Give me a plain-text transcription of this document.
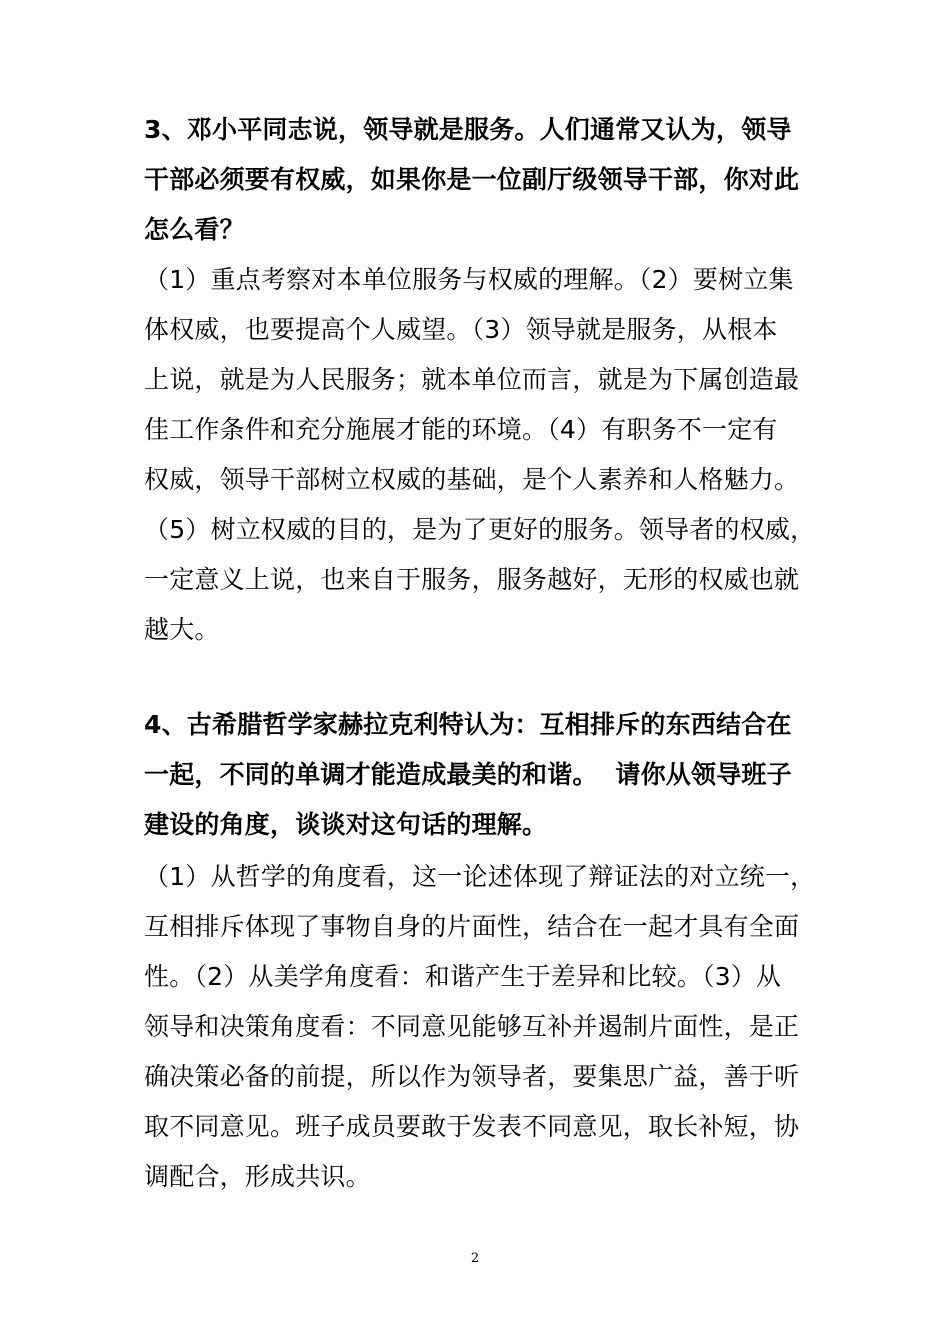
3、邓小平同志说，领导就是服务。人们通常又认为，领导
干部必须要有权威，如果你是一位副厅级领导干部，你对此
怎么看？
（1）重点考察对本单位服务与权威的理解。（2）要树立集
体权威，也要提高个人威望。（3）领导就是服务，从根本
上说，就是为人民服务；就本单位而言，就是为下属创造最
佳工作条件和充分施展才能的环境。（4）有职务不一定有
权威，领导干部树立权威的基础，是个人素养和人格魅力。
（5）树立权威的目的，是为了更好的服务。领导者的权威，
一定意义上说，也来自于服务，服务越好，无形的权威也就
越大。
4、古希腊哲学家赫拉克利特认为：互相排斥的东西结合在
一起，不同的单调才能造成最美的和谐。  请你从领导班子
建设的角度，谈谈对这句话的理解。
（1）从哲学的角度看，这一论述体现了辩证法的对立统一，
互相排斥体现了事物自身的片面性，结合在一起才具有全面
性。（2）从美学角度看：和谐产生于差异和比较。（3）从
领导和决策角度看：不同意见能够互补并遏制片面性，是正
确决策必备的前提，所以作为领导者，要集思广益，善于听
取不同意见。班子成员要敢于发表不同意见，取长补短，协
调配合，形成共识。
2
